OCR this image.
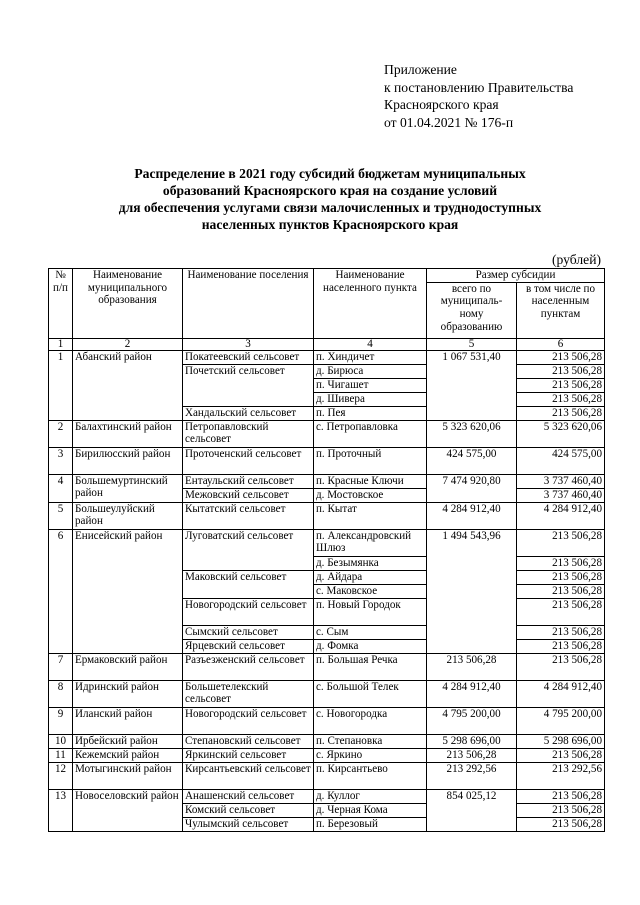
Приложение
к постановлению Правительства
Красноярского края
от 01.04.2021 № 176-п
Распределение в 2021 году субсидий бюджетам муниципальных
образований Красноярского края на создание условий
для обеспечения услугами связи малочисленных и труднодоступных
населенных пунктов Красноярского края
(рублей)
№ п/п	Наименование муниципального образования	Наименование поселения	Наименование населенного пункта	Размер субсидии	
				всего по муниципаль-ному образованию	в том числе по населенным пунктам
1	2	3	4	5	6
1	Абанский район	Покатеевский сельсовет	п. Хиндичет	1 067 531,40	213 506,28
		Почетский сельсовет	д. Бирюса		213 506,28
			п. Чигашет		213 506,28
			д. Шивера		213 506,28
		Хандальский сельсовет	п. Пея		213 506,28
2	Балахтинский район	Петропавловский сельсовет	с. Петропавловка	5 323 620,06	5 323 620,06
3	Бирилюсский район	Проточенский сельсовет	п. Проточный	424 575,00	424 575,00
4	Большемуртинский район	Ентаульский сельсовет	п. Красные Ключи	7 474 920,80	3 737 460,40
		Межовский сельсовет	д. Мостовское		3 737 460,40
5	Большеулуйский район	Кытатский сельсовет	п. Кытат	4 284 912,40	4 284 912,40
6	Енисейский район	Луговатский сельсовет	п. Александровский Шлюз	1 494 543,96	213 506,28
			д. Безымянка		213 506,28
		Маковский сельсовет	д. Айдара		213 506,28
			с. Маковское		213 506,28
		Новогородский сельсовет	п. Новый Городок		213 506,28

		Сымский сельсовет	с. Сым		213 506,28
		Ярцевский сельсовет	д. Фомка		213 506,28
7	Ермаковский район	Разъезженский сельсовет	п. Большая Речка	213 506,28	213 506,28
8	Идринский район	Большетелекский сельсовет	с. Большой Телек	4 284 912,40	4 284 912,40
9	Иланский район	Новогородский сельсовет	с. Новогородка	4 795 200,00	4 795 200,00
10	Ирбейский район	Степановский сельсовет	п. Степановка	5 298 696,00	5 298 696,00
11	Кежемский район	Яркинский сельсовет	с. Яркино	213 506,28	213 506,28
12	Мотыгинский район	Кирсантьевский сельсовет	п. Кирсантьево	213 292,56	213 292,56
13	Новоселовский район	Анашенский сельсовет	д. Куллог	854 025,12	213 506,28
		Комский сельсовет	д. Черная Кома		213 506,28
		Чулымский сельсовет	п. Березовый		213 506,28
